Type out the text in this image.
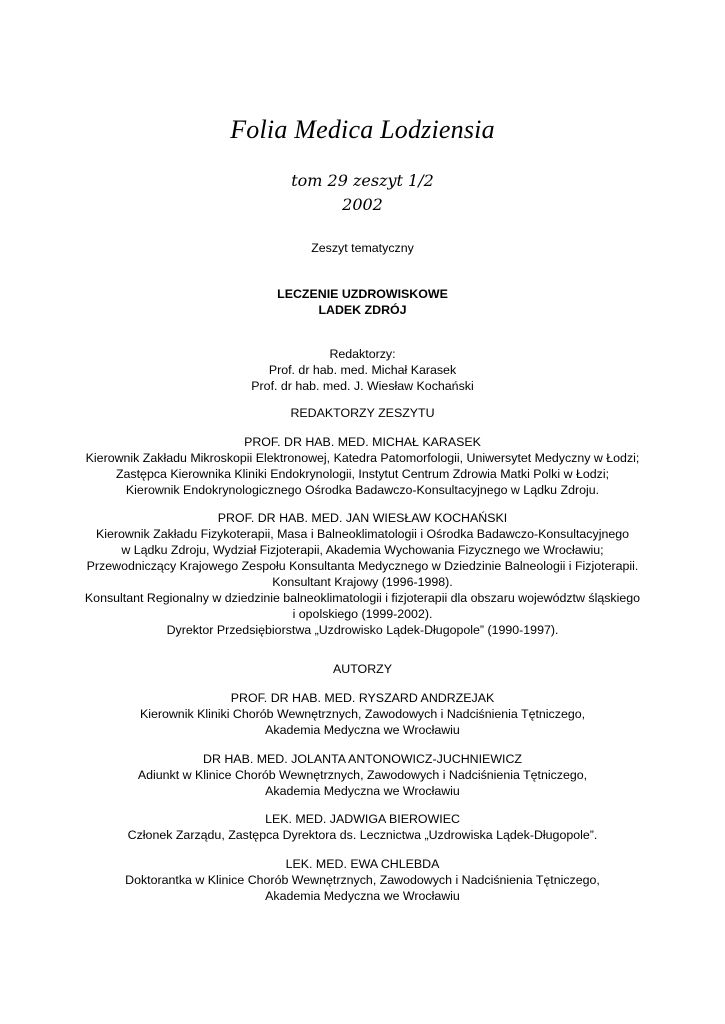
Folia Medica Lodziensia
tom 29 zeszyt 1/2
2002
Zeszyt tematyczny
LECZENIE UZDROWISKOWE
LADEK ZDRÓJ
Redaktorzy:
Prof. dr hab. med. Michał Karasek
Prof. dr hab. med. J. Wiesław Kochański
REDAKTORZY ZESZYTU
PROF. DR HAB. MED. MICHAŁ KARASEK
Kierownik Zakładu Mikroskopii Elektronowej, Katedra Patomorfologii, Uniwersytet Medyczny w Łodzi;
Zastępca Kierownika Kliniki Endokrynologii, Instytut Centrum Zdrowia Matki Polki w Łodzi;
Kierownik Endokrynologicznego Ośrodka Badawczo-Konsultacyjnego w Lądku Zdroju.
PROF. DR HAB. MED. JAN WIESŁAW KOCHAŃSKI
Kierownik Zakładu Fizykoterapii, Masa i Balneoklimatologii i Ośrodka Badawczo-Konsultacyjnego
w Lądku Zdroju, Wydział Fizjoterapii, Akademia Wychowania Fizycznego we Wrocławiu;
Przewodniczący Krajowego Zespołu Konsultanta Medycznego w Dziedzinie Balneologii i Fizjoterapii.
Konsultant Krajowy (1996-1998).
Konsultant Regionalny w dziedzinie balneoklimatologii i fizjoterapii dla obszaru województw śląskiego
i opolskiego (1999-2002).
Dyrektor Przedsiębiorstwa „Uzdrowisko Lądek-Długopole” (1990-1997).
AUTORZY
PROF. DR HAB. MED. RYSZARD ANDRZEJAK
Kierownik Kliniki Chorób Wewnętrznych, Zawodowych i Nadciśnienia Tętniczego,
Akademia Medyczna we Wrocławiu
DR HAB. MED. JOLANTA ANTONOWICZ-JUCHNIEWICZ
Adiunkt w Klinice Chorób Wewnętrznych, Zawodowych i Nadciśnienia Tętniczego,
Akademia Medyczna we Wrocławiu
LEK. MED. JADWIGA BIEROWIEC
Członek Zarządu, Zastępca Dyrektora ds. Lecznictwa „Uzdrowiska Lądek-Długopole”.
LEK. MED. EWA CHLEBDA
Doktorantka w Klinice Chorób Wewnętrznych, Zawodowych i Nadciśnienia Tętniczego,
Akademia Medyczna we Wrocławiu
